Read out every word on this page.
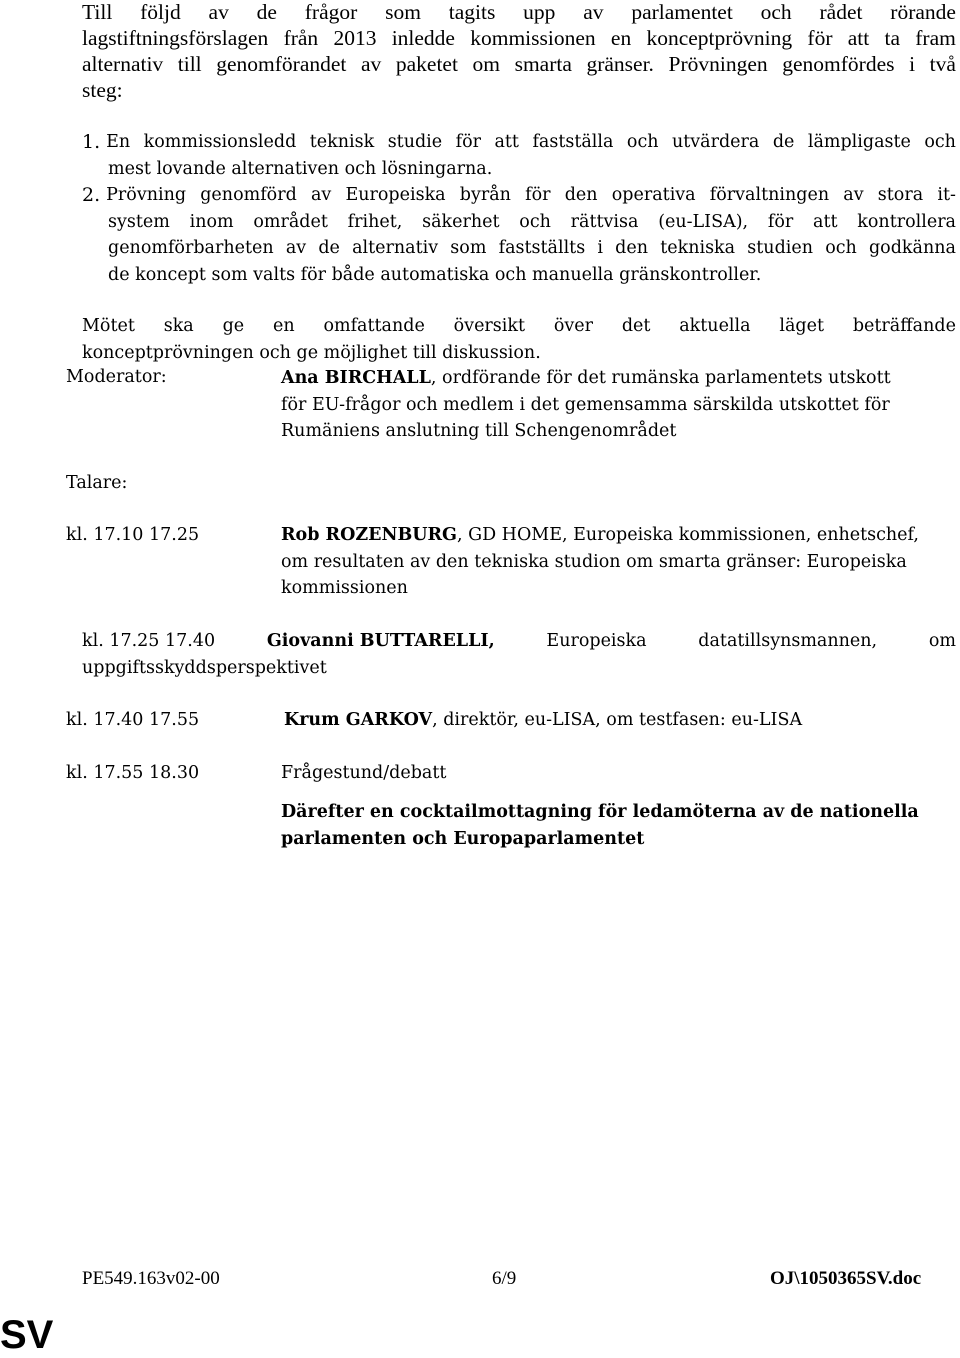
Till följd av de frågor som tagits upp av parlamentet och rådet rörande
lagstiftningsförslagen från 2013 inledde kommissionen en konceptprövning för att ta fram
alternativ till genomförandet av paketet om smarta gränser. Prövningen genomfördes i två
steg:
1. En kommissionsledd teknisk studie för att fastställa och utvärdera de lämpligaste och
mest lovande alternativen och lösningarna.
2. Prövning genomförd av Europeiska byrån för den operativa förvaltningen av stora it-
system inom området frihet, säkerhet och rättvisa (eu-LISA), för att kontrollera
genomförbarheten av de alternativ som fastställts i den tekniska studien och godkänna
de koncept som valts för både automatiska och manuella gränskontroller.
Mötet ska ge en omfattande översikt över det aktuella läget beträffande
konceptprövningen och ge möjlighet till diskussion.
Moderator:	Ana BIRCHALL, ordförande för det rumänska parlamentets utskott
för EU-frågor och medlem i det gemensamma särskilda utskottet för
Rumäniens anslutning till Schengenområdet
Talare:
kl. 17.10 17.25	Rob ROZENBURG, GD HOME, Europeiska kommissionen, enhetschef,
om resultaten av den tekniska studion om smarta gränser: Europeiska
kommissionen
kl. 17.25 17.40	Giovanni BUTTARELLI,	Europeiska	datatillsynsmannen,	om
uppgiftsskyddsperspektivet
kl. 17.40 17.55	Krum GARKOV, direktör, eu-LISA, om testfasen: eu-LISA
kl. 17.55 18.30	Frågestund/debatt
Därefter en cocktailmottagning för ledamöterna av de nationella
parlamenten och Europaparlamentet
PE549.163v02-00	6/9	OJ\1050365SV.doc
SV
